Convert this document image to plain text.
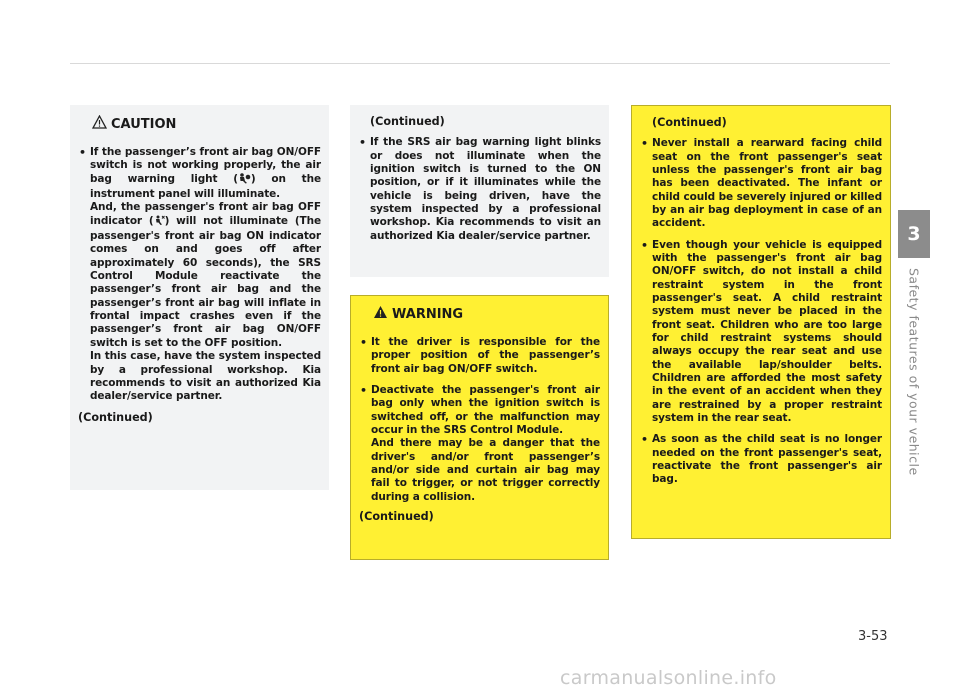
CAUTION

• If the passenger’s front air bag ON/OFF switch is not working properly, the air bag warning light ( ) on the instrument panel will illuminate.

And, the passenger's front air bag OFF indicator ( ) will not illuminate (The passenger's front air bag ON indicator comes on and goes off after approximately 60 seconds), the SRS Control Module reactivate the passenger’s front air bag and the passenger’s front air bag will inflate in frontal impact crashes even if the passenger’s front air bag ON/OFF switch is set to the OFF position.

In this case, have the system inspected by a professional workshop. Kia recommends to visit an authorized Kia dealer/service partner.

(Continued)
(Continued)
• If the SRS air bag warning light blinks or does not illuminate when the ignition switch is turned to the ON position, or if it illuminates while the vehicle is being driven, have the system inspected by a professional workshop. Kia recommends to visit an authorized Kia dealer/service partner.
WARNING
• It the driver is responsible for the proper position of the passenger’s front air bag ON/OFF switch.

• Deactivate the passenger's front air bag only when the ignition switch is switched off, or the malfunction may occur in the SRS Control Module.

And there may be a danger that the driver's and/or front passenger’s and/or side and curtain air bag may fail to trigger, or not trigger correctly during a collision.

(Continued)
(Continued)
• Never install a rearward facing child seat on the front passenger's seat unless the passenger's front air bag has been deactivated. The infant or child could be severely injured or killed by an air bag deployment in case of an accident.
• Even though your vehicle is equipped with the passenger's front air bag ON/OFF switch, do not install a child restraint system in the front passenger's seat. A child restraint system must never be placed in the front seat. Children who are too large for child restraint systems should always occupy the rear seat and use the available lap/shoulder belts. Children are afforded the most safety in the event of an accident when they are restrained by a proper restraint system in the rear seat.
• As soon as the child seat is no longer needed on the front passenger's seat, reactivate the front passenger's air bag.
3
Safety features of your vehicle
3-53
carmanualsonline.info
